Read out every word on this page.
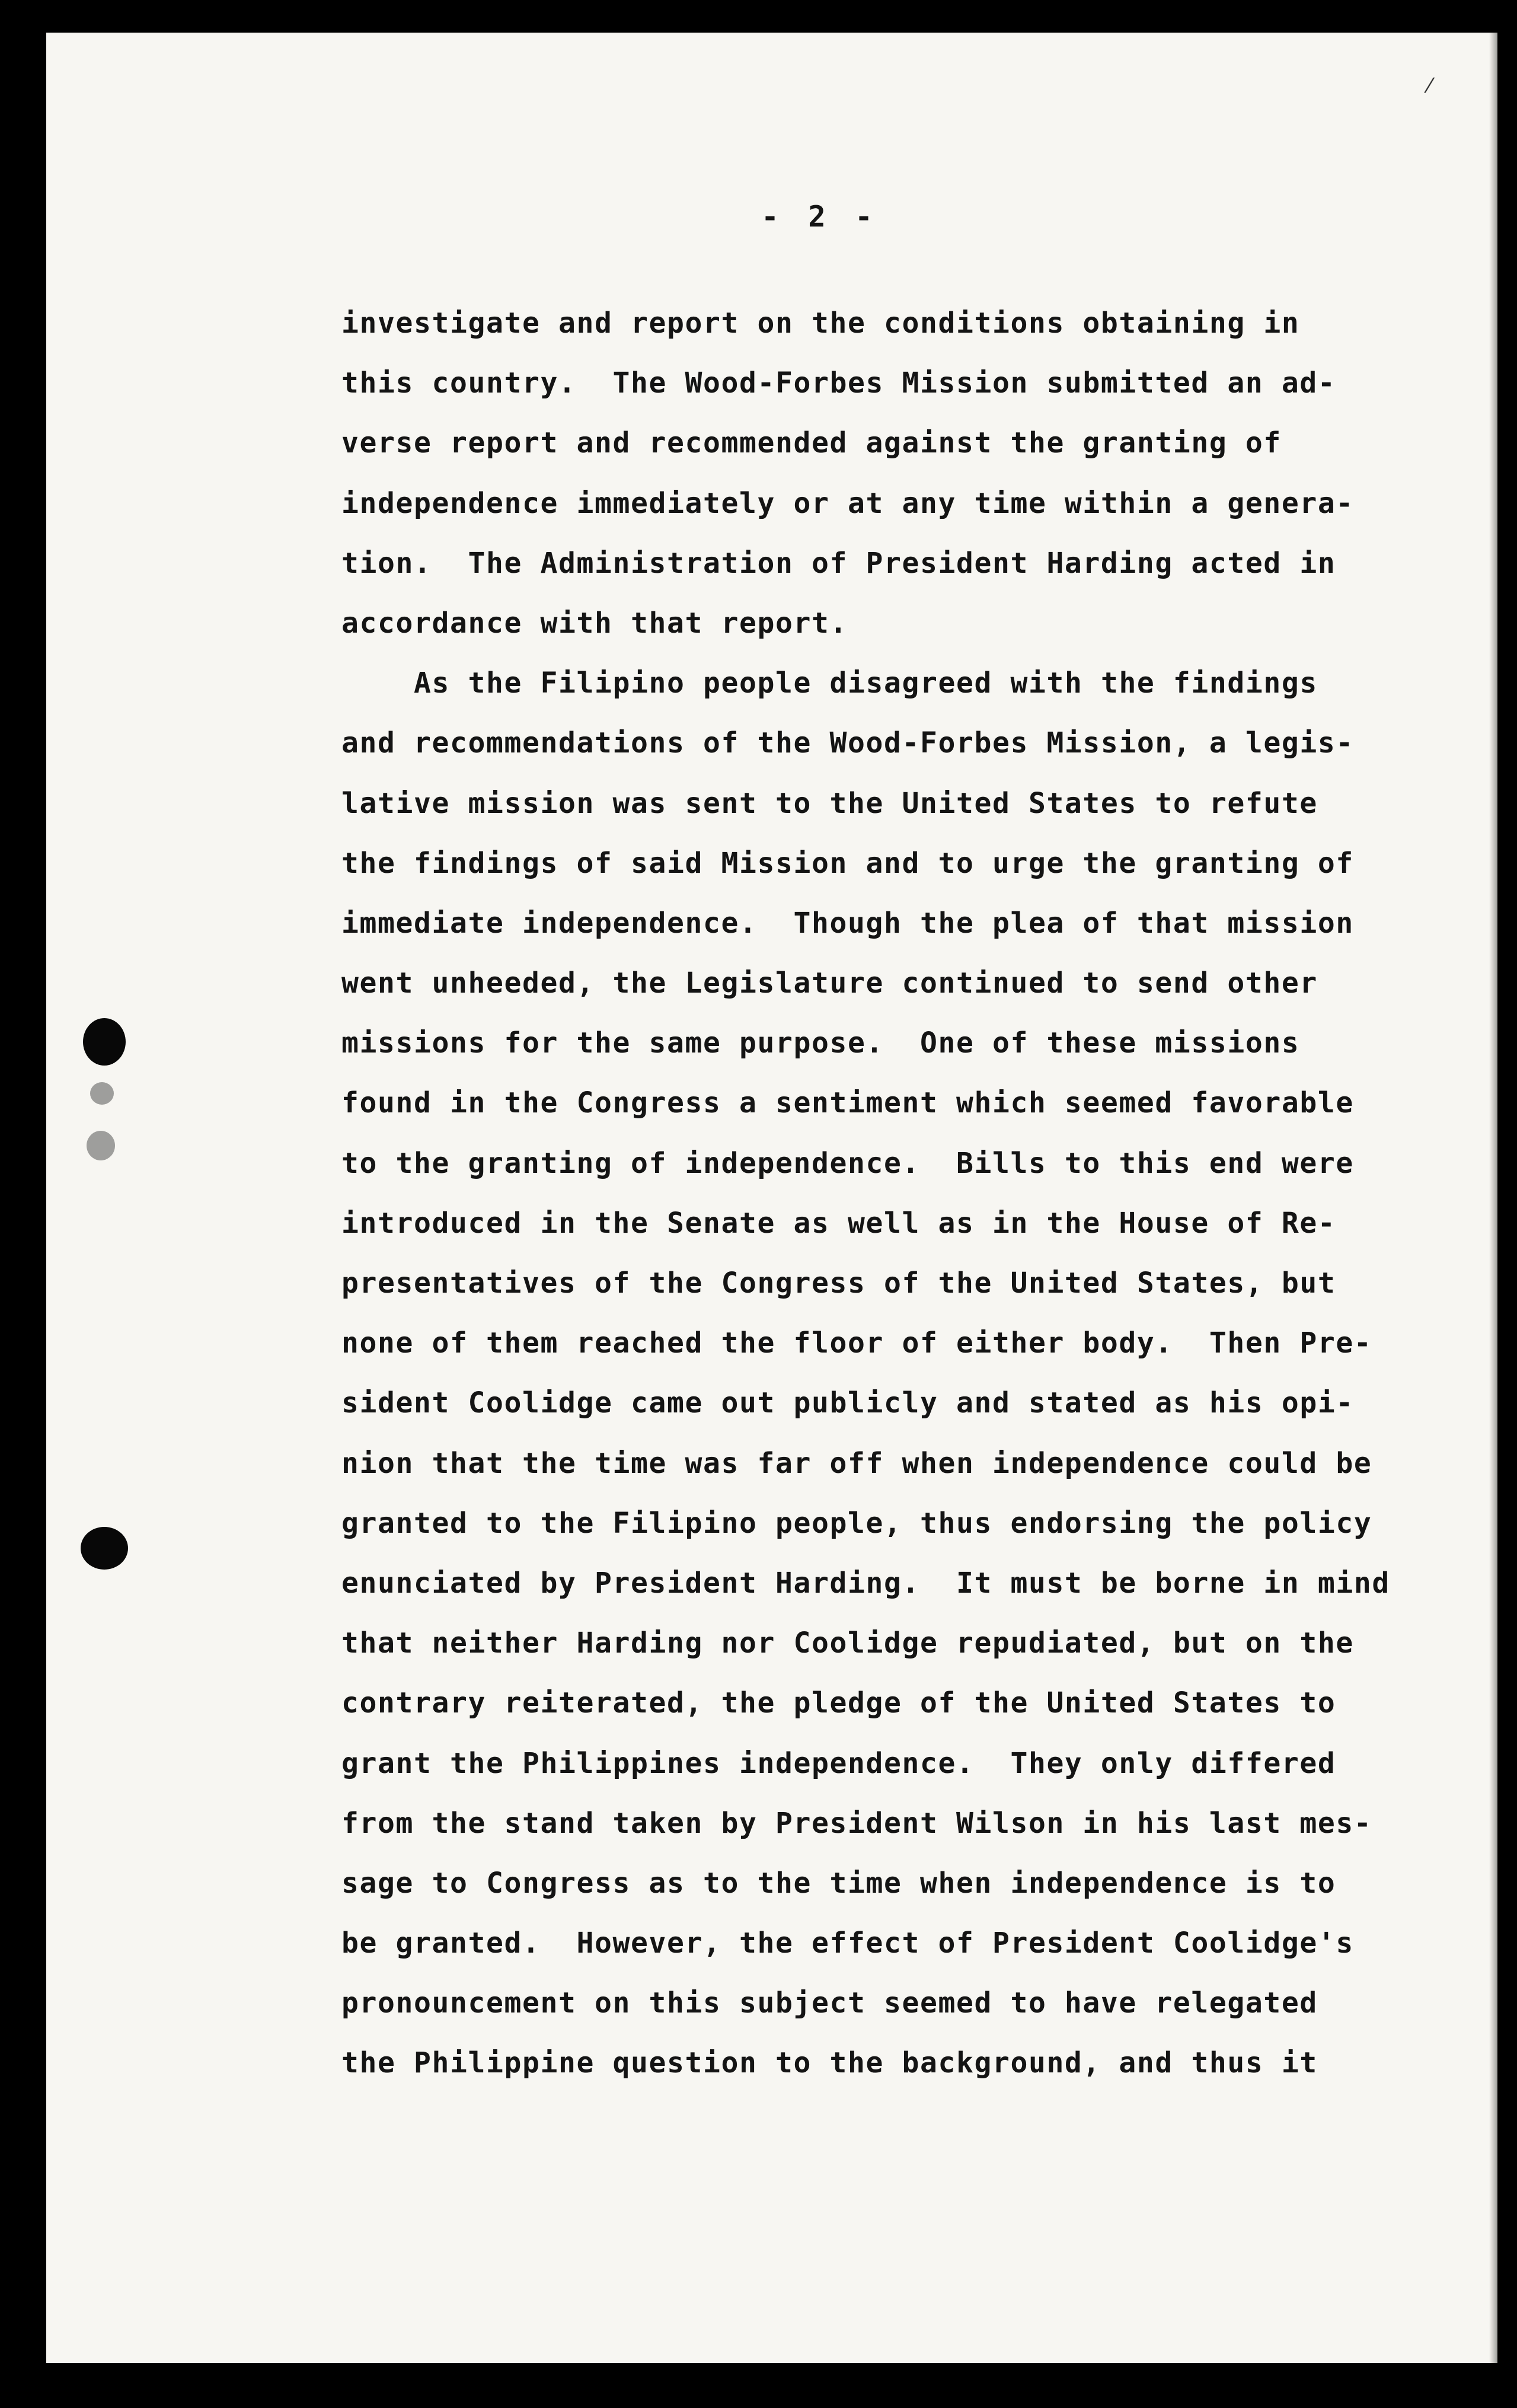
⁄

- 2 -

investigate and report on the conditions obtaining in
this country.  The Wood-Forbes Mission submitted an ad-
verse report and recommended against the granting of
independence immediately or at any time within a genera-
tion.  The Administration of President Harding acted in
accordance with that report.
As the Filipino people disagreed with the findings
and recommendations of the Wood-Forbes Mission, a legis-
lative mission was sent to the United States to refute
the findings of said Mission and to urge the granting of
immediate independence.  Though the plea of that mission
went unheeded, the Legislature continued to send other
missions for the same purpose.  One of these missions
found in the Congress a sentiment which seemed favorable
to the granting of independence.  Bills to this end were
introduced in the Senate as well as in the House of Re-
presentatives of the Congress of the United States, but
none of them reached the floor of either body.  Then Pre-
sident Coolidge came out publicly and stated as his opi-
nion that the time was far off when independence could be
granted to the Filipino people, thus endorsing the policy
enunciated by President Harding.  It must be borne in mind
that neither Harding nor Coolidge repudiated, but on the
contrary reiterated, the pledge of the United States to
grant the Philippines independence.  They only differed
from the stand taken by President Wilson in his last mes-
sage to Congress as to the time when independence is to
be granted.  However, the effect of President Coolidge's
pronouncement on this subject seemed to have relegated
the Philippine question to the background, and thus it
